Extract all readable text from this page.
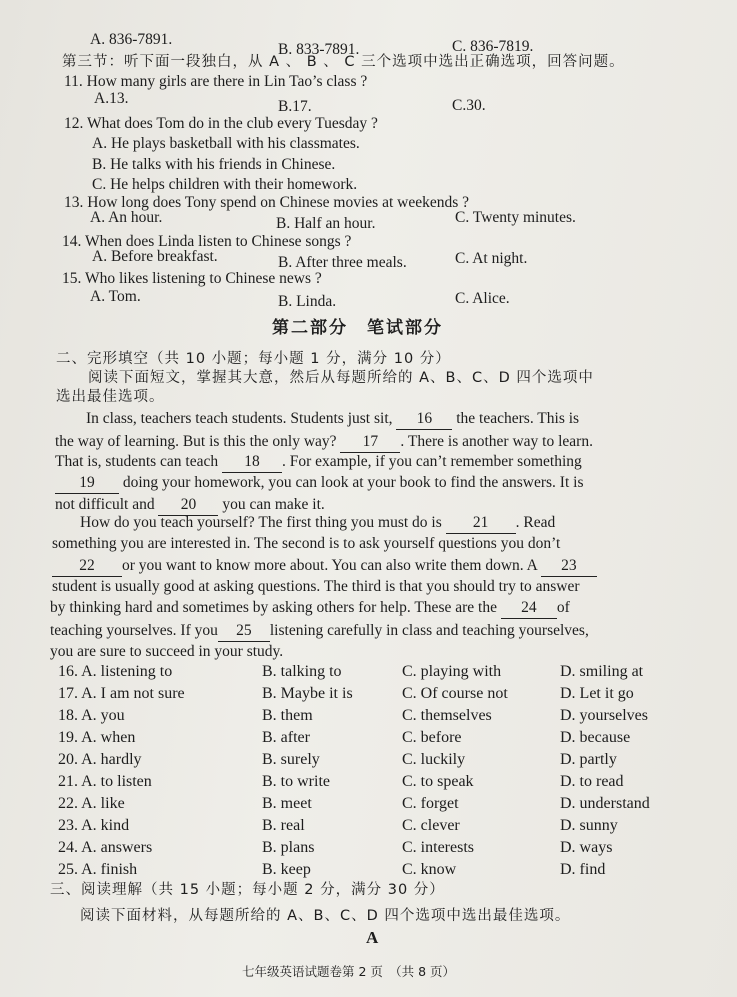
A. 836-7891.
B. 833-7891.	C. 836-7819.
第三节：听下面一段独白，从 A 、 B 、 C 三个选项中选出正确选项，回答问题。
11. How many girls are there in Lin Tao’s class ?
A.13.	B.17.	C.30.
12. What does Tom do in the club every Tuesday ?
A. He plays basketball with his classmates.
B. He talks with his friends in Chinese.
C. He helps children with their homework.
13. How long does Tony spend on Chinese movies at weekends ?
A. An hour.	B. Half an hour.	C. Twenty minutes.
14. When does Linda listen to Chinese songs ?
A. Before breakfast.	B. After three meals.	C. At night.
15. Who likes listening to Chinese news ?
A. Tom.	B. Linda.	C. Alice.
第二部分　笔试部分
二、完形填空（共 10 小题；每小题 1 分，满分 10 分）
阅读下面短文，掌握其大意，然后从每题所给的 A、B、C、D 四个选项中
选出最佳选项。
In class, teachers teach students. Students just sit, 16 the teachers. This is
the way of learning. But is this the only way? 17 . There is another way to learn.
That is, students can teach 18 . For example, if you can’t remember something
19 doing your homework, you can look at your book to find the answers. It is
not difficult and 20 you can make it.
How do you teach yourself? The first thing you must do is 21 . Read
something you are interested in. The second is to ask yourself questions you don’t
22 or you want to know more about. You can also write them down. A 23
student is usually good at asking questions. The third is that you should try to answer
by thinking hard and sometimes by asking others for help. These are the 24 of
teaching yourselves. If you 25 listening carefully in class and teaching yourselves,
you are sure to succeed in your study.
16. A. listening to	B. talking to	C. playing with	D. smiling at
17. A. I am not sure	B. Maybe it is	C. Of course not	D. Let it go
18. A. you	B. them	C. themselves	D. yourselves
19. A. when	B. after	C. before	D. because
20. A. hardly	B. surely	C. luckily	D. partly
21. A. to listen	B. to write	C. to speak	D. to read
22. A. like	B. meet	C. forget	D. understand
23. A. kind	B. real	C. clever	D. sunny
24. A. answers	B. plans	C. interests	D. ways
25. A. finish	B. keep	C. know	D. find
三、阅读理解（共 15 小题；每小题 2 分，满分 30 分）
阅读下面材料，从每题所给的 A、B、C、D 四个选项中选出最佳选项。
A
七年级英语试题卷第 2 页　（共 8 页）
